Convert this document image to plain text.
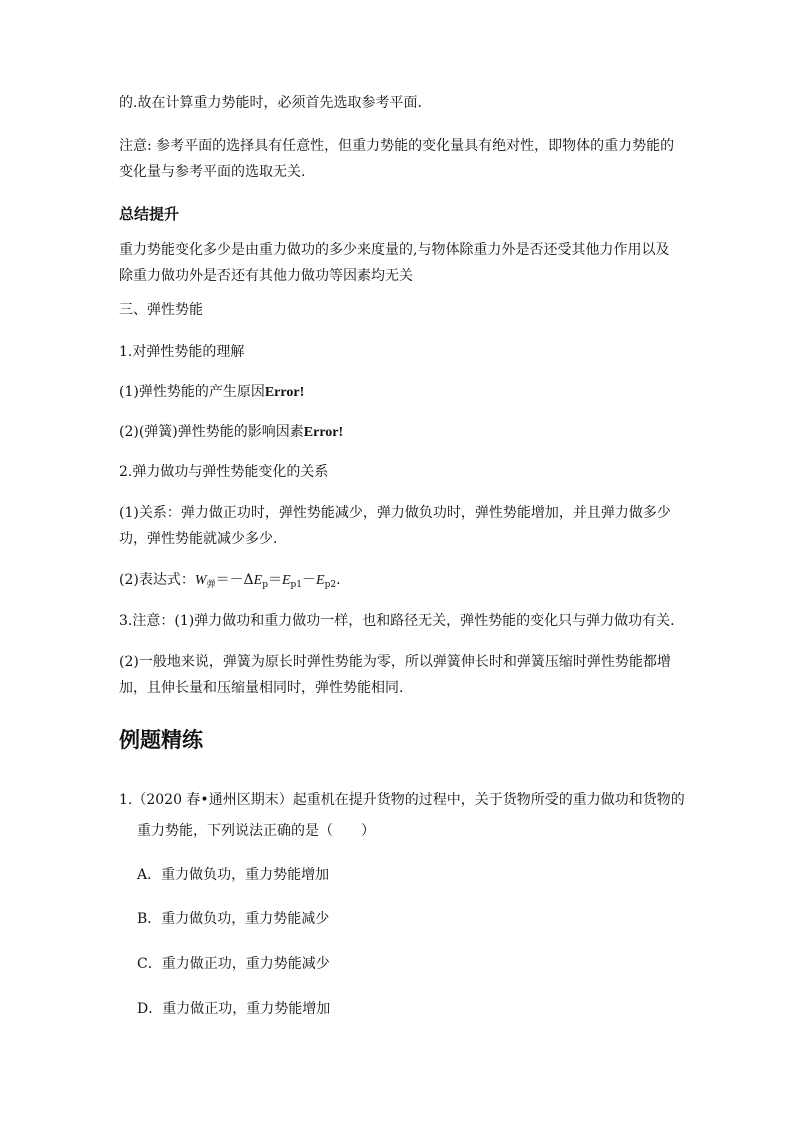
的.故在计算重力势能时，必须首先选取参考平面.
注意: 参考平面的选择具有任意性，但重力势能的变化量具有绝对性，即物体的重力势能的
变化量与参考平面的选取无关.
总结提升
重力势能变化多少是由重力做功的多少来度量的,与物体除重力外是否还受其他力作用以及
除重力做功外是否还有其他力做功等因素均无关
三、弹性势能
1.对弹性势能的理解
(1)弹性势能的产生原因Error!
(2)(弹簧)弹性势能的影响因素Error!
2.弹力做功与弹性势能变化的关系
(1)关系：弹力做正功时，弹性势能减少，弹力做负功时，弹性势能增加，并且弹力做多少
功，弹性势能就减少多少.
(2)表达式：$W_弹=-\Delta E_p=E_{p1}-E_{p2}$.
3.注意：(1)弹力做功和重力做功一样，也和路径无关，弹性势能的变化只与弹力做功有关.
(2)一般地来说，弹簧为原长时弹性势能为零，所以弹簧伸长时和弹簧压缩时弹性势能都增
加，且伸长量和压缩量相同时，弹性势能相同.
例题精练
1.（2020 春•通州区期末）起重机在提升货物的过程中，关于货物所受的重力做功和货物的
重力势能，下列说法正确的是（　　）
A．重力做负功，重力势能增加
B．重力做负功，重力势能减少
C．重力做正功，重力势能减少
D．重力做正功，重力势能增加
